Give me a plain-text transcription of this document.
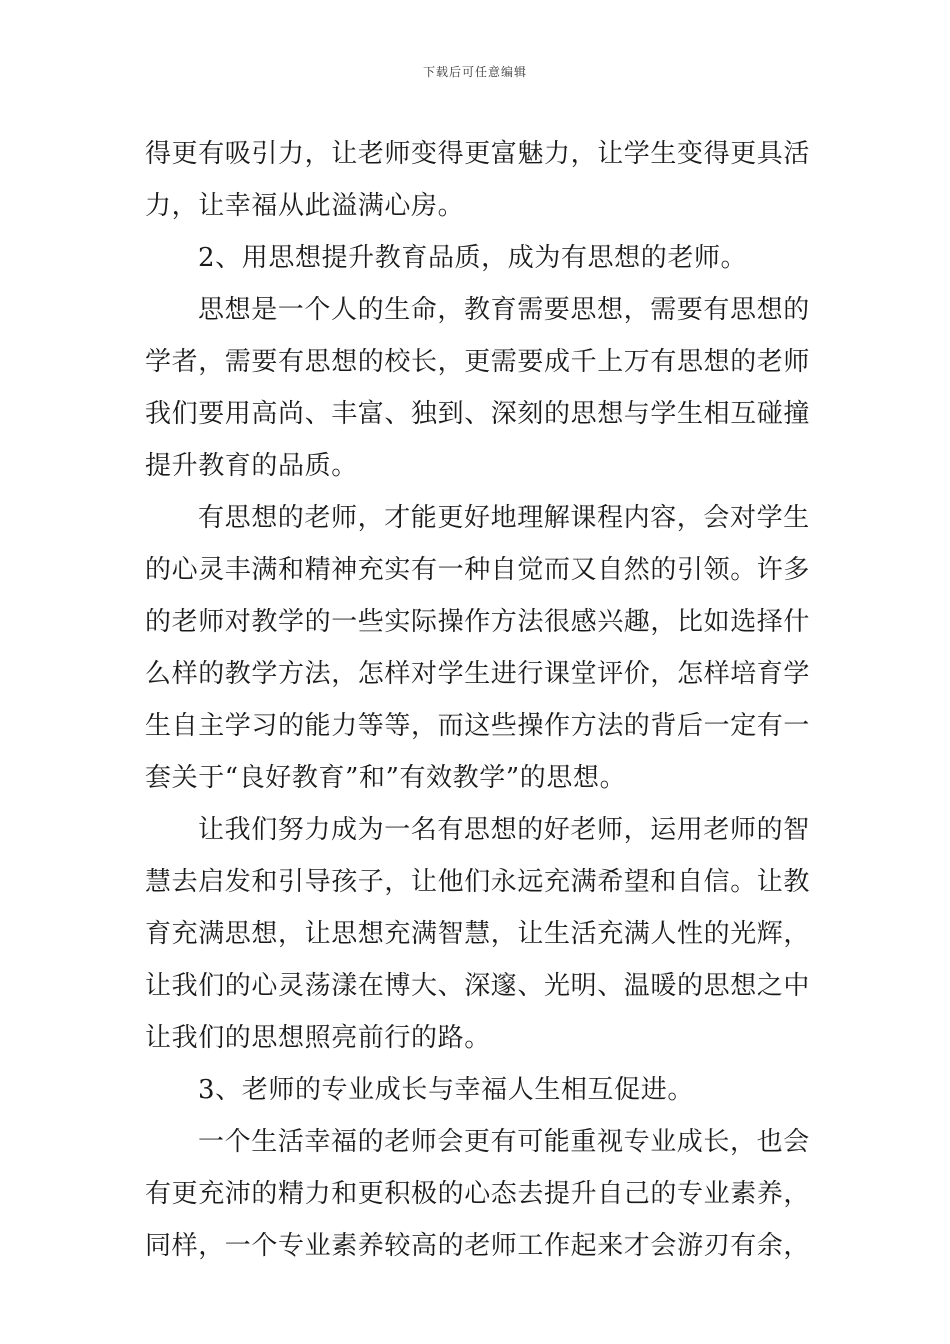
下载后可任意编辑
得更有吸引力，让老师变得更富魅力，让学生变得更具活
力，让幸福从此溢满心房。
2、用思想提升教育品质，成为有思想的老师。
思想是一个人的生命，教育需要思想，需要有思想的
学者，需要有思想的校长，更需要成千上万有思想的老师
我们要用高尚、丰富、独到、深刻的思想与学生相互碰撞
提升教育的品质。
有思想的老师，才能更好地理解课程内容，会对学生
的心灵丰满和精神充实有一种自觉而又自然的引领。许多
的老师对教学的一些实际操作方法很感兴趣，比如选择什
么样的教学方法，怎样对学生进行课堂评价，怎样培育学
生自主学习的能力等等，而这些操作方法的背后一定有一
套关于“良好教育”和”有效教学”的思想。
让我们努力成为一名有思想的好老师，运用老师的智
慧去启发和引导孩子，让他们永远充满希望和自信。让教
育充满思想，让思想充满智慧，让生活充满人性的光辉，
让我们的心灵荡漾在博大、深邃、光明、温暖的思想之中
让我们的思想照亮前行的路。
3、老师的专业成长与幸福人生相互促进。
一个生活幸福的老师会更有可能重视专业成长，也会
有更充沛的精力和更积极的心态去提升自己的专业素养，
同样，一个专业素养较高的老师工作起来才会游刃有余，
